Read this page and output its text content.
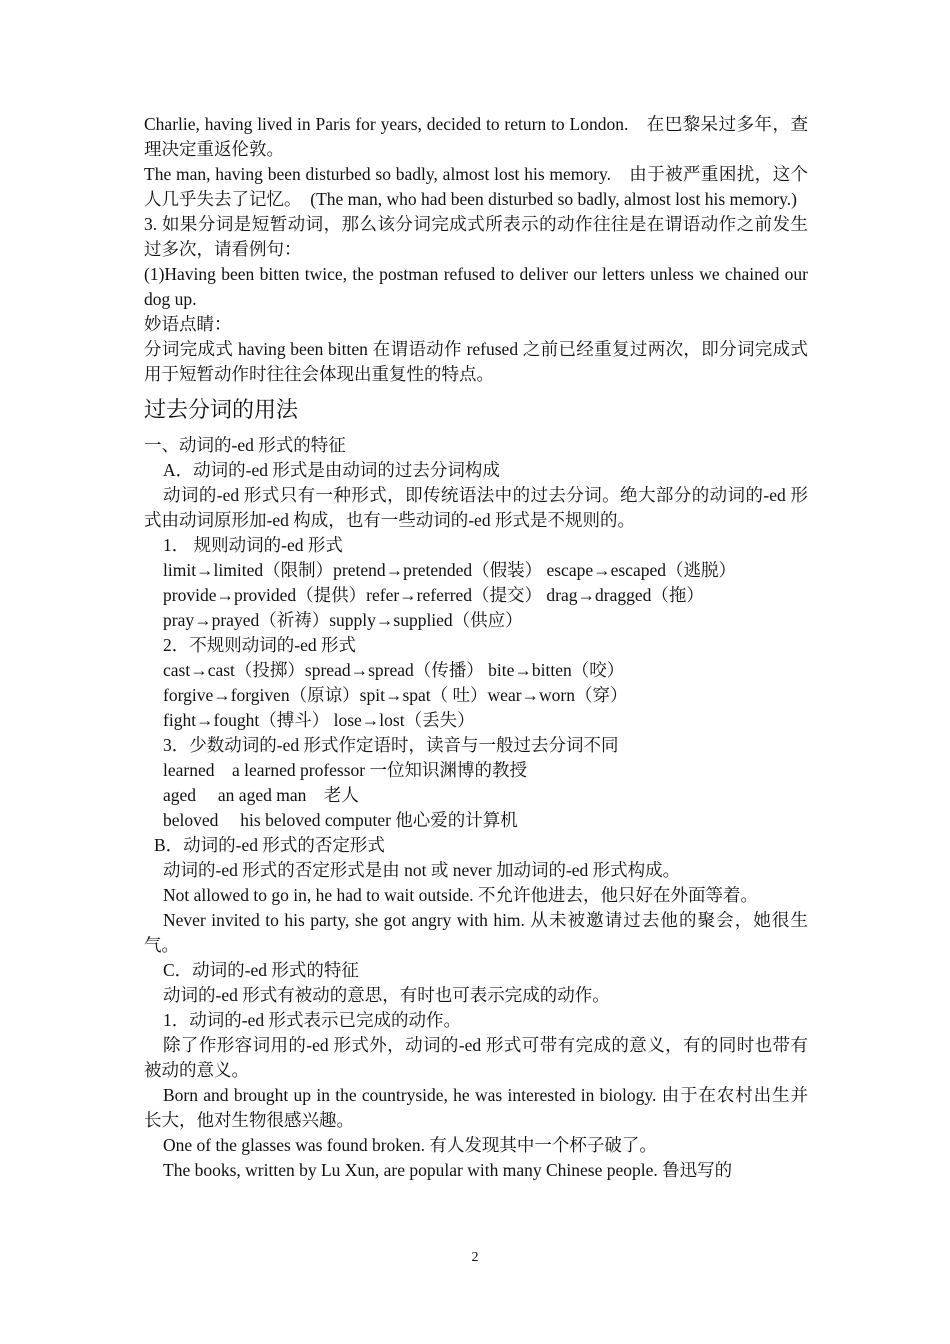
Charlie, having lived in Paris for years, decided to return to London.　在巴黎呆过多年，查理决定重返伦敦。
The man, having been disturbed so badly, almost lost his memory.　由于被严重困扰，这个人几乎失去了记忆。　(The man, who had been disturbed so badly, almost lost his memory.)
3. 如果分词是短暂动词，那么该分词完成式所表示的动作往往是在谓语动作之前发生过多次，请看例句：
(1)Having been bitten twice, the postman refused to deliver our letters unless we chained our dog up.
妙语点睛：
分词完成式 having been bitten 在谓语动作 refused 之前已经重复过两次，即分词完成式用于短暂动作时往往会体现出重复性的特点。
过去分词的用法
一、动词的-ed 形式的特征
A．动词的-ed 形式是由动词的过去分词构成
动词的-ed 形式只有一种形式，即传统语法中的过去分词。绝大部分的动词的-ed 形式由动词原形加-ed 构成，也有一些动词的-ed 形式是不规则的。
1． 规则动词的-ed 形式
limit→limited（限制）pretend→pretended（假装） escape→escaped（逃脱）
provide→provided（提供）refer→referred（提交） drag→dragged（拖）
pray→prayed（祈祷）supply→supplied（供应）
2．不规则动词的-ed 形式
cast→cast（投掷）spread→spread（传播） bite→bitten（咬）
forgive→forgiven（原谅）spit→spat（ 吐）wear→worn（穿）
fight→fought（搏斗） lose→lost（丢失）
3．少数动词的-ed 形式作定语时，读音与一般过去分词不同
learned　a learned professor 一位知识渊博的教授
aged　 an aged man　老人
beloved　 his beloved computer 他心爱的计算机
B．动词的-ed 形式的否定形式
动词的-ed 形式的否定形式是由 not 或 never 加动词的-ed 形式构成。
Not allowed to go in, he had to wait outside. 不允许他进去，他只好在外面等着。
Never invited to his party, she got angry with him. 从未被邀请过去他的聚会，她很生气。
C．动词的-ed 形式的特征
动词的-ed 形式有被动的意思，有时也可表示完成的动作。
1．动词的-ed 形式表示已完成的动作。
除了作形容词用的-ed 形式外，动词的-ed 形式可带有完成的意义，有的同时也带有被动的意义。
Born and brought up in the countryside, he was interested in biology. 由于在农村出生并长大，他对生物很感兴趣。
One of the glasses was found broken. 有人发现其中一个杯子破了。
The books, written by Lu Xun, are popular with many Chinese people. 鲁迅写的
2
